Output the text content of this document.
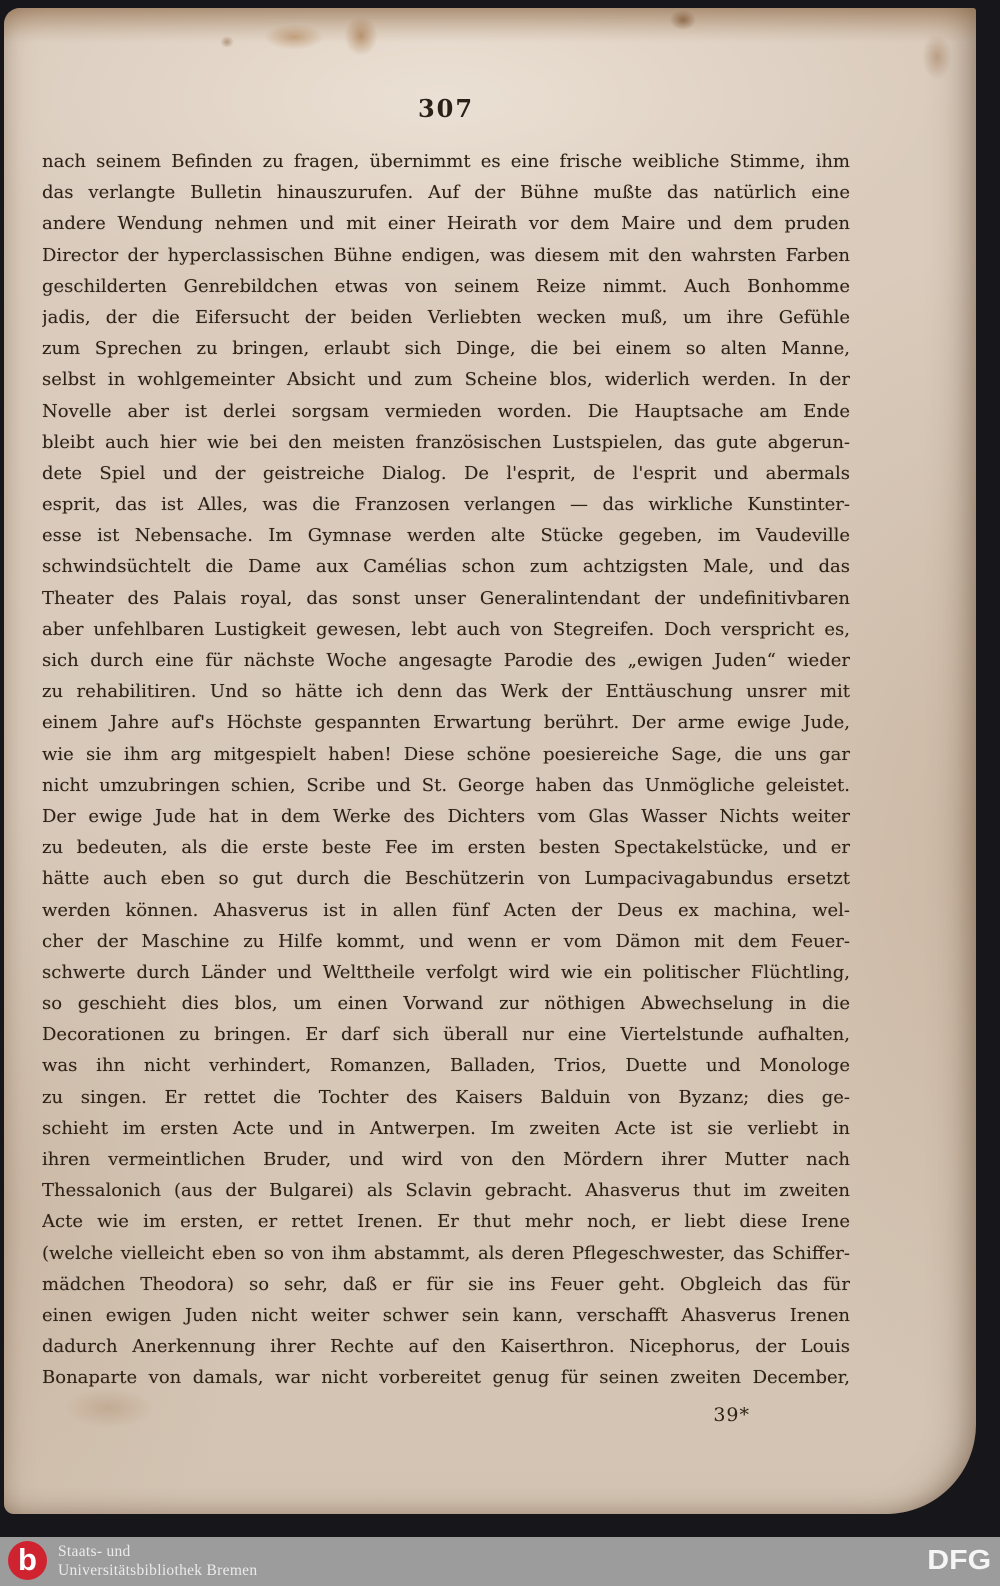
307
nach seinem Befinden zu fragen, übernimmt es eine frische weibliche Stimme, ihm
das verlangte Bulletin hinauszurufen. Auf der Bühne mußte das natürlich eine
andere Wendung nehmen und mit einer Heirath vor dem Maire und dem pruden
Director der hyperclassischen Bühne endigen, was diesem mit den wahrsten Farben
geschilderten Genrebildchen etwas von seinem Reize nimmt. Auch Bonhomme
jadis, der die Eifersucht der beiden Verliebten wecken muß, um ihre Gefühle
zum Sprechen zu bringen, erlaubt sich Dinge, die bei einem so alten Manne,
selbst in wohlgemeinter Absicht und zum Scheine blos, widerlich werden. In der
Novelle aber ist derlei sorgsam vermieden worden. Die Hauptsache am Ende
bleibt auch hier wie bei den meisten französischen Lustspielen, das gute abgerun-
dete Spiel und der geistreiche Dialog. De l'esprit, de l'esprit und abermals
esprit, das ist Alles, was die Franzosen verlangen — das wirkliche Kunstinter-
esse ist Nebensache. Im Gymnase werden alte Stücke gegeben, im Vaudeville
schwindsüchtelt die Dame aux Camélias schon zum achtzigsten Male, und das
Theater des Palais royal, das sonst unser Generalintendant der undefinitivbaren
aber unfehlbaren Lustigkeit gewesen, lebt auch von Stegreifen. Doch verspricht es,
sich durch eine für nächste Woche angesagte Parodie des „ewigen Juden“ wieder
zu rehabilitiren. Und so hätte ich denn das Werk der Enttäuschung unsrer mit
einem Jahre auf's Höchste gespannten Erwartung berührt. Der arme ewige Jude,
wie sie ihm arg mitgespielt haben! Diese schöne poesiereiche Sage, die uns gar
nicht umzubringen schien, Scribe und St. George haben das Unmögliche geleistet.
Der ewige Jude hat in dem Werke des Dichters vom Glas Wasser Nichts weiter
zu bedeuten, als die erste beste Fee im ersten besten Spectakelstücke, und er
hätte auch eben so gut durch die Beschützerin von Lumpacivagabundus ersetzt
werden können. Ahasverus ist in allen fünf Acten der Deus ex machina, wel-
cher der Maschine zu Hilfe kommt, und wenn er vom Dämon mit dem Feuer-
schwerte durch Länder und Welttheile verfolgt wird wie ein politischer Flüchtling,
so geschieht dies blos, um einen Vorwand zur nöthigen Abwechselung in die
Decorationen zu bringen. Er darf sich überall nur eine Viertelstunde aufhalten,
was ihn nicht verhindert, Romanzen, Balladen, Trios, Duette und Monologe
zu singen. Er rettet die Tochter des Kaisers Balduin von Byzanz; dies ge-
schieht im ersten Acte und in Antwerpen. Im zweiten Acte ist sie verliebt in
ihren vermeintlichen Bruder, und wird von den Mördern ihrer Mutter nach
Thessalonich (aus der Bulgarei) als Sclavin gebracht. Ahasverus thut im zweiten
Acte wie im ersten, er rettet Irenen. Er thut mehr noch, er liebt diese Irene
(welche vielleicht eben so von ihm abstammt, als deren Pflegeschwester, das Schiffer-
mädchen Theodora) so sehr, daß er für sie ins Feuer geht. Obgleich das für
einen ewigen Juden nicht weiter schwer sein kann, verschafft Ahasverus Irenen
dadurch Anerkennung ihrer Rechte auf den Kaiserthron. Nicephorus, der Louis
Bonaparte von damals, war nicht vorbereitet genug für seinen zweiten December,
39*
b Staats- und
Universitätsbibliothek Bremen	DFG
